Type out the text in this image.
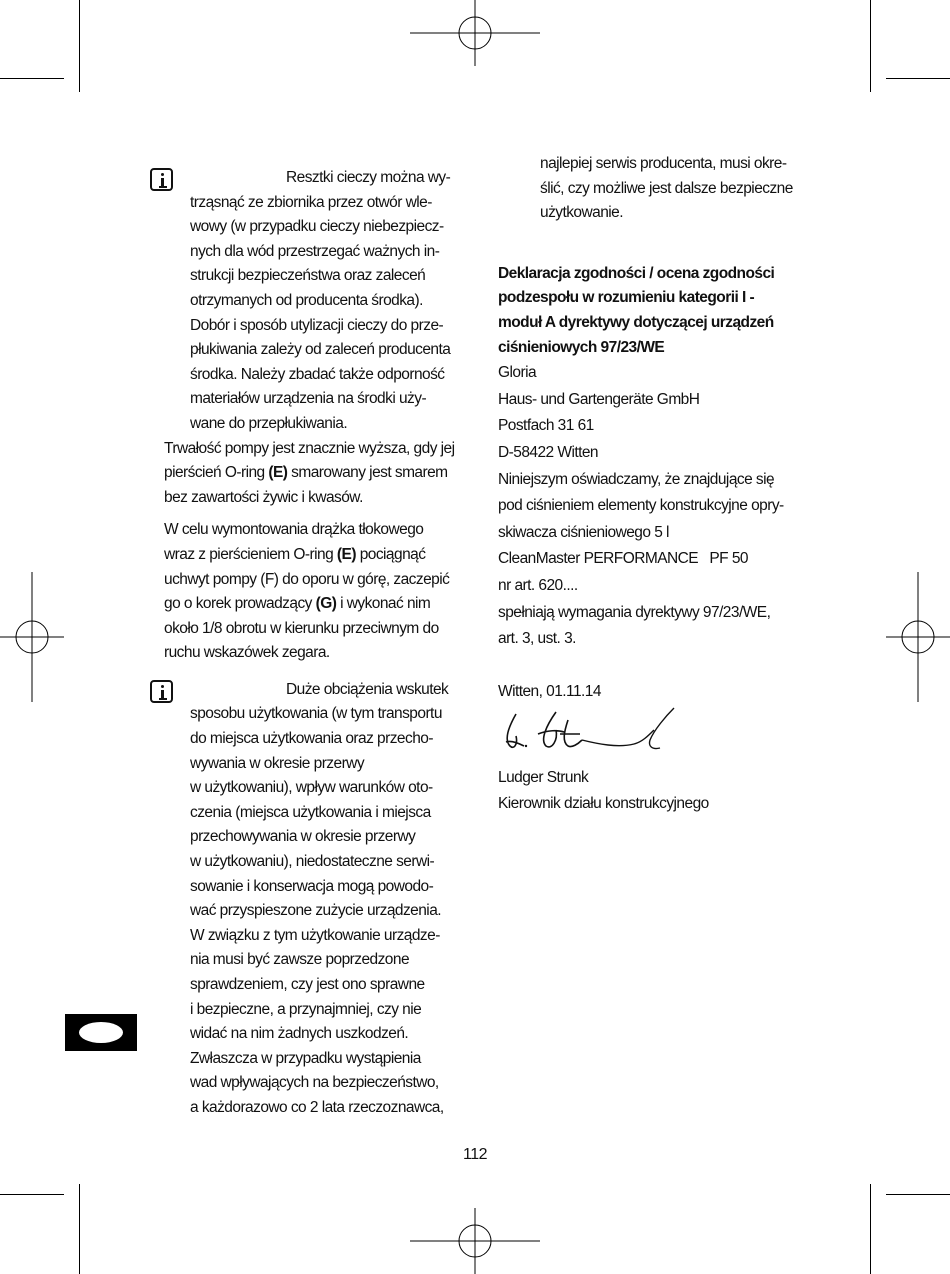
Resztki cieczy można wy-

trząsnąć ze zbiornika przez otwór wle-

wowy (w przypadku cieczy niebezpiecz-

nych dla wód przestrzegać ważnych in-

strukcji bezpieczeństwa oraz zaleceń

otrzymanych od producenta środka).

Dobór i sposób utylizacji cieczy do prze-

płukiwania zależy od zaleceń producenta

środka. Należy zbadać także odporność

materiałów urządzenia na środki uży-

wane do przepłukiwania.

Trwałość pompy jest znacznie wyższa, gdy jej

pierścień O-ring (E) smarowany jest smarem

bez zawartości żywic i kwasów.

W celu wymontowania drążka tłokowego

wraz z pierścieniem O-ring (E) pociągnąć

uchwyt pompy (F) do oporu w górę, zaczepić

go o korek prowadzący (G) i wykonać nim

około 1/8 obrotu w kierunku przeciwnym do

ruchu wskazówek zegara.

Duże obciążenia wskutek

sposobu użytkowania (w tym transportu

do miejsca użytkowania oraz przecho-

wywania w okresie przerwy

w użytkowaniu), wpływ warunków oto-

czenia (miejsca użytkowania i miejsca

przechowywania w okresie przerwy

w użytkowaniu), niedostateczne serwi-

sowanie i konserwacja mogą powodo-

wać przyspieszone zużycie urządzenia.

W związku z tym użytkowanie urządze-

nia musi być zawsze poprzedzone

sprawdzeniem, czy jest ono sprawne

i bezpieczne, a przynajmniej, czy nie

widać na nim żadnych uszkodzeń.

Zwłaszcza w przypadku wystąpienia

wad wpływających na bezpieczeństwo,

a każdorazowo co 2 lata rzeczoznawca,

najlepiej serwis producenta, musi okre-

ślić, czy możliwe jest dalsze bezpieczne

użytkowanie.

Deklaracja zgodności / ocena zgodności

podzespołu w rozumieniu kategorii I -

moduł A dyrektywy dotyczącej urządzeń

ciśnieniowych 97/23/WE

Gloria

Haus- und Gartengeräte GmbH

Postfach 31 61

D-58422 Witten

Niniejszym oświadczamy, że znajdujące się

pod ciśnieniem elementy konstrukcyjne opry-

skiwacza ciśnieniowego 5 l

CleanMaster PERFORMANCE   PF 50

nr art. 620....

spełniają wymagania dyrektywy 97/23/WE,

art. 3, ust. 3.

Witten, 01.11.14

Ludger Strunk

Kierownik działu konstrukcyjnego

112
